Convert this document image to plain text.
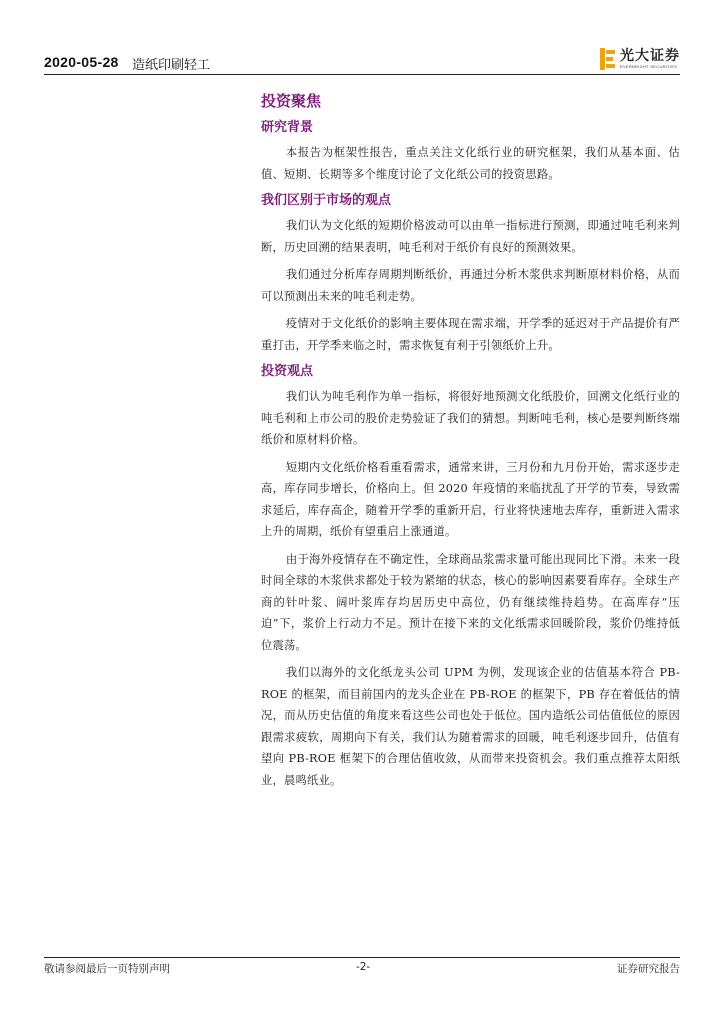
2020-05-28 造纸印刷轻工
光大证券
EVERBRIGHT SECURITIES
投资聚焦
研究背景

本报告为框架性报告，重点关注文化纸行业的研究框架，我们从基本面、估值、短期、长期等多个维度讨论了文化纸公司的投资思路。

我们区别于市场的观点

我们认为文化纸的短期价格波动可以由单一指标进行预测，即通过吨毛利来判断，历史回溯的结果表明，吨毛利对于纸价有良好的预测效果。

我们通过分析库存周期判断纸价，再通过分析木浆供求判断原材料价格，从而可以预测出未来的吨毛利走势。

疫情对于文化纸价的影响主要体现在需求端，开学季的延迟对于产品提价有严重打击，开学季来临之时，需求恢复有利于引领纸价上升。

投资观点

我们认为吨毛利作为单一指标，将很好地预测文化纸股价，回溯文化纸行业的吨毛利和上市公司的股价走势验证了我们的猜想。判断吨毛利，核心是要判断终端纸价和原材料价格。

短期内文化纸价格看重看需求，通常来讲，三月份和九月份开始，需求逐步走高，库存同步增长，价格向上。但 2020 年疫情的来临扰乱了开学的节奏，导致需求延后，库存高企，随着开学季的重新开启，行业将快速地去库存，重新进入需求上升的周期，纸价有望重启上涨通道。

由于海外疫情存在不确定性，全球商品浆需求量可能出现同比下滑。未来一段时间全球的木浆供求都处于较为紧缩的状态，核心的影响因素要看库存。全球生产商的针叶浆、阔叶浆库存均居历史中高位，仍有继续维持趋势。在高库存“压迫”下，浆价上行动力不足。预计在接下来的文化纸需求回暖阶段，浆价仍维持低位震荡。

我们以海外的文化纸龙头公司 UPM 为例，发现该企业的估值基本符合 PB-ROE 的框架，而目前国内的龙头企业在 PB-ROE 的框架下，PB 存在着低估的情况，而从历史估值的角度来看这些公司也处于低位。国内造纸公司估值低位的原因跟需求疲软，周期向下有关，我们认为随着需求的回暖，吨毛利逐步回升，估值有望向 PB-ROE 框架下的合理估值收敛，从而带来投资机会。我们重点推荐太阳纸业，晨鸣纸业。

敬请参阅最后一页特别声明	-2-	证券研究报告
